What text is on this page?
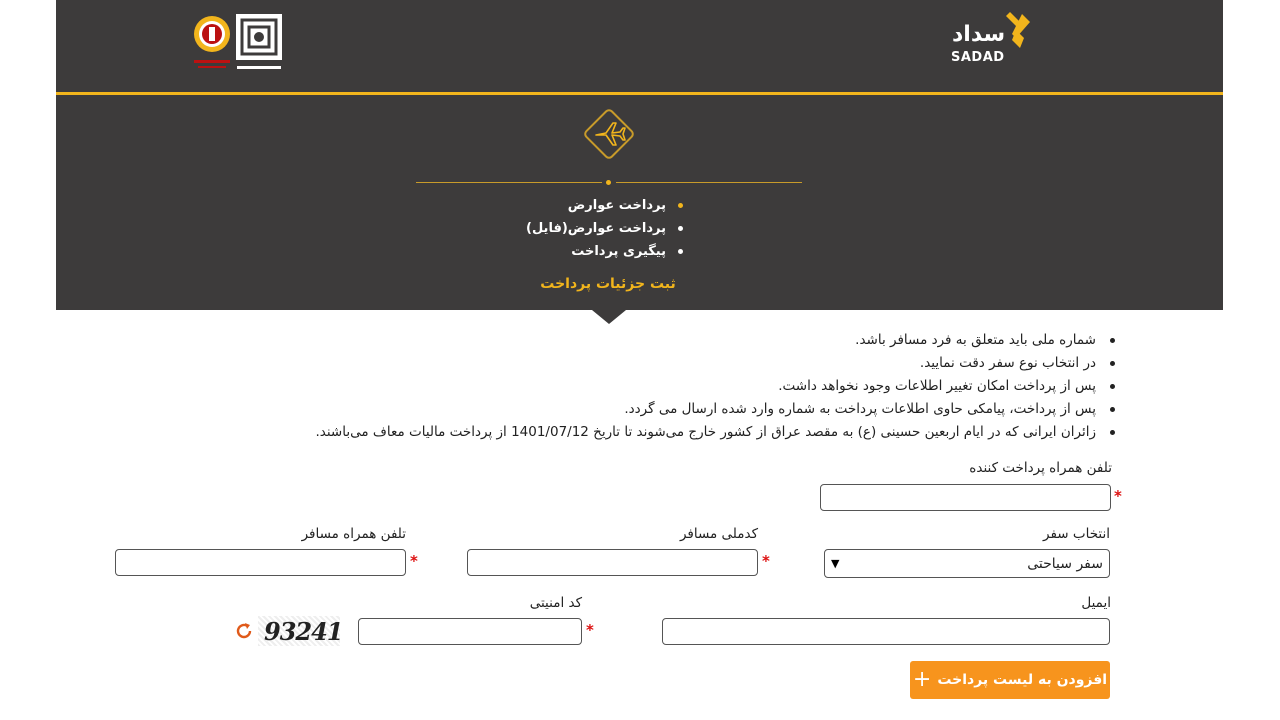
سداد
SADAD
پرداخت عوارض
پرداخت عوارض(فایل)
پیگیری پرداخت
ثبت جزئیات پرداخت
شماره ملی باید متعلق به فرد مسافر باشد.
در انتخاب نوع سفر دقت نمایید.
پس از پرداخت امکان تغییر اطلاعات وجود نخواهد داشت.
پس از پرداخت، پیامکی حاوی اطلاعات پرداخت به شماره وارد شده ارسال می گردد.
زائران ایرانی که در ایام اربعین حسینی (ع) به مقصد عراق از کشور خارج می‌شوند تا تاریخ 1401/07/12 از پرداخت مالیات معاف می‌باشند.
تلفن همراه پرداخت کننده
*
انتخاب سفر
سفر سیاحتی
▼
کدملی مسافر
*
تلفن همراه مسافر
*
ایمیل
کد امنیتی
*
93241
افزودن به لیست پرداخت
+
